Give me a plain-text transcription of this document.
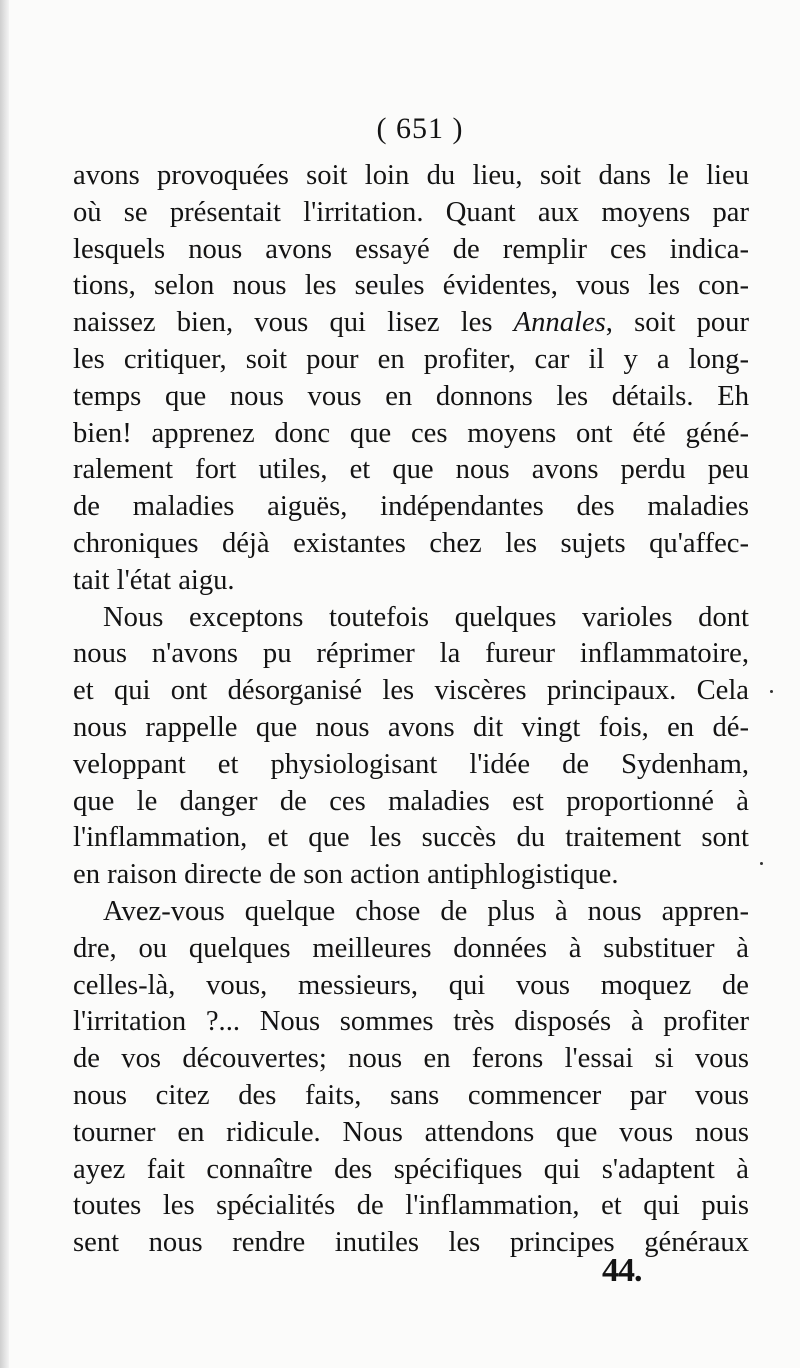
( 651 )
avons provoquées soit loin du lieu, soit dans le lieu
où se présentait l'irritation. Quant aux moyens par
lesquels nous avons essayé de remplir ces indica-
tions, selon nous les seules évidentes, vous les con-
naissez bien, vous qui lisez les Annales, soit pour
les critiquer, soit pour en profiter, car il y a long-
temps que nous vous en donnons les détails. Eh
bien! apprenez donc que ces moyens ont été géné-
ralement fort utiles, et que nous avons perdu peu
de maladies aiguës, indépendantes des maladies
chroniques déjà existantes chez les sujets qu'affec-
tait l'état aigu.
Nous exceptons toutefois quelques varioles dont
nous n'avons pu réprimer la fureur inflammatoire,
et qui ont désorganisé les viscères principaux. Cela
nous rappelle que nous avons dit vingt fois, en dé-
veloppant et physiologisant l'idée de Sydenham,
que le danger de ces maladies est proportionné à
l'inflammation, et que les succès du traitement sont
en raison directe de son action antiphlogistique.
Avez-vous quelque chose de plus à nous appren-
dre, ou quelques meilleures données à substituer à
celles-là, vous, messieurs, qui vous moquez de
l'irritation ?... Nous sommes très disposés à profiter
de vos découvertes; nous en ferons l'essai si vous
nous citez des faits, sans commencer par vous
tourner en ridicule. Nous attendons que vous nous
ayez fait connaître des spécifiques qui s'adaptent à
toutes les spécialités de l'inflammation, et qui puis
sent nous rendre inutiles les principes généraux
44.
